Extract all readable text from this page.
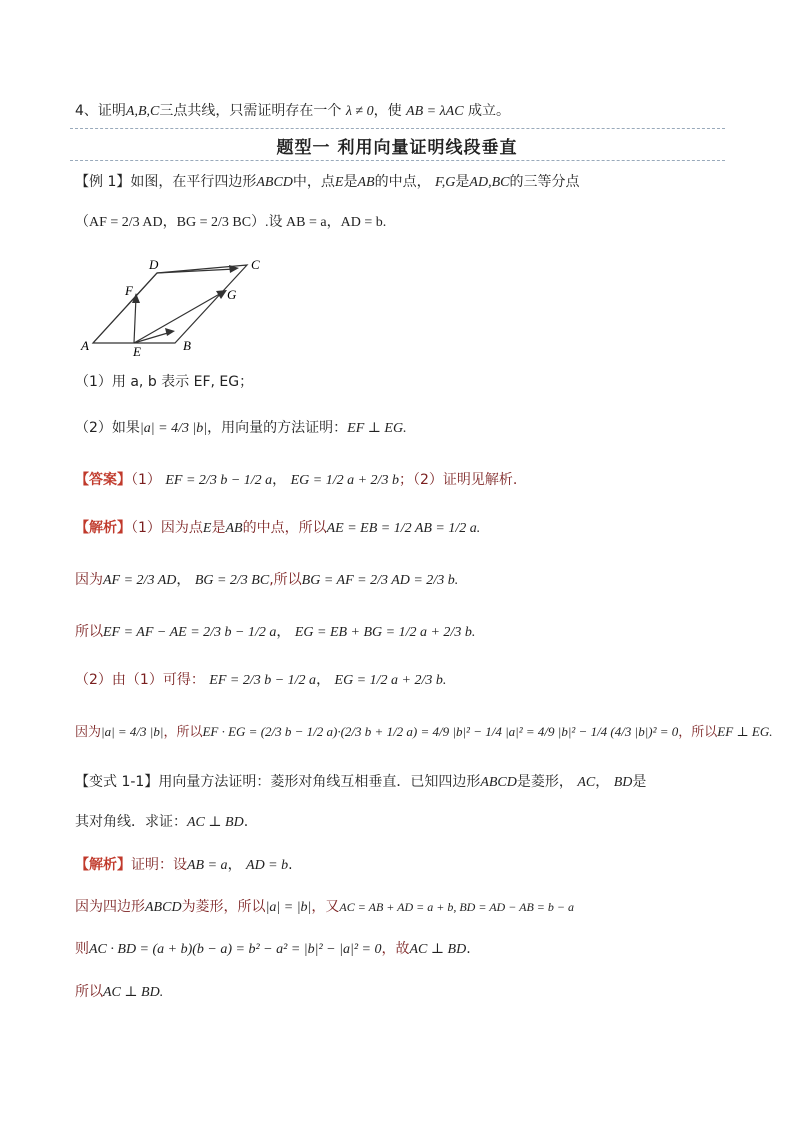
4、证明A,B,C三点共线，只需证明存在一个 λ ≠ 0，使 AB = λAC 成立。
题型一 利用向量证明线段垂直
【例 1】如图，在平行四边形ABCD中，点E是AB的中点， F,G是AD,BC的三等分点
（AF = 2/3 AD，BG = 2/3 BC）.设 AB = a，AD = b.
A	B
C
D
E
F	G
（1）用 a, b 表示 EF, EG；
（2）如果|a| = 4/3 |b|，用向量的方法证明：EF ⊥ EG.
【答案】（1） EF = 2/3 b − 1/2 a， EG = 1/2 a + 2/3 b；（2）证明见解析.
【解析】（1）因为点E是AB的中点，所以AE = EB = 1/2 AB = 1/2 a.
因为AF = 2/3 AD， BG = 2/3 BC,所以BG = AF = 2/3 AD = 2/3 b.
所以EF = AF − AE = 2/3 b − 1/2 a， EG = EB + BG = 1/2 a + 2/3 b.
（2）由（1）可得： EF = 2/3 b − 1/2 a， EG = 1/2 a + 2/3 b.
因为|a| = 4/3 |b|，所以EF · EG = (2/3 b − 1/2 a)·(2/3 b + 1/2 a) = 4/9 |b|² − 1/4 |a|² = 4/9 |b|² − 1/4 (4/3 |b|)² = 0，所以EF ⊥ EG.
【变式 1-1】用向量方法证明：菱形对角线互相垂直．已知四边形ABCD是菱形， AC， BD是
其对角线．求证：AC ⊥ BD.
【解析】证明：设AB = a， AD = b.
因为四边形ABCD为菱形，所以|a| = |b|，又AC = AB + AD = a + b, BD = AD − AB = b − a
则AC · BD = (a + b)(b − a) = b² − a² = |b|² − |a|² = 0，故AC ⊥ BD.
所以AC ⊥ BD.
